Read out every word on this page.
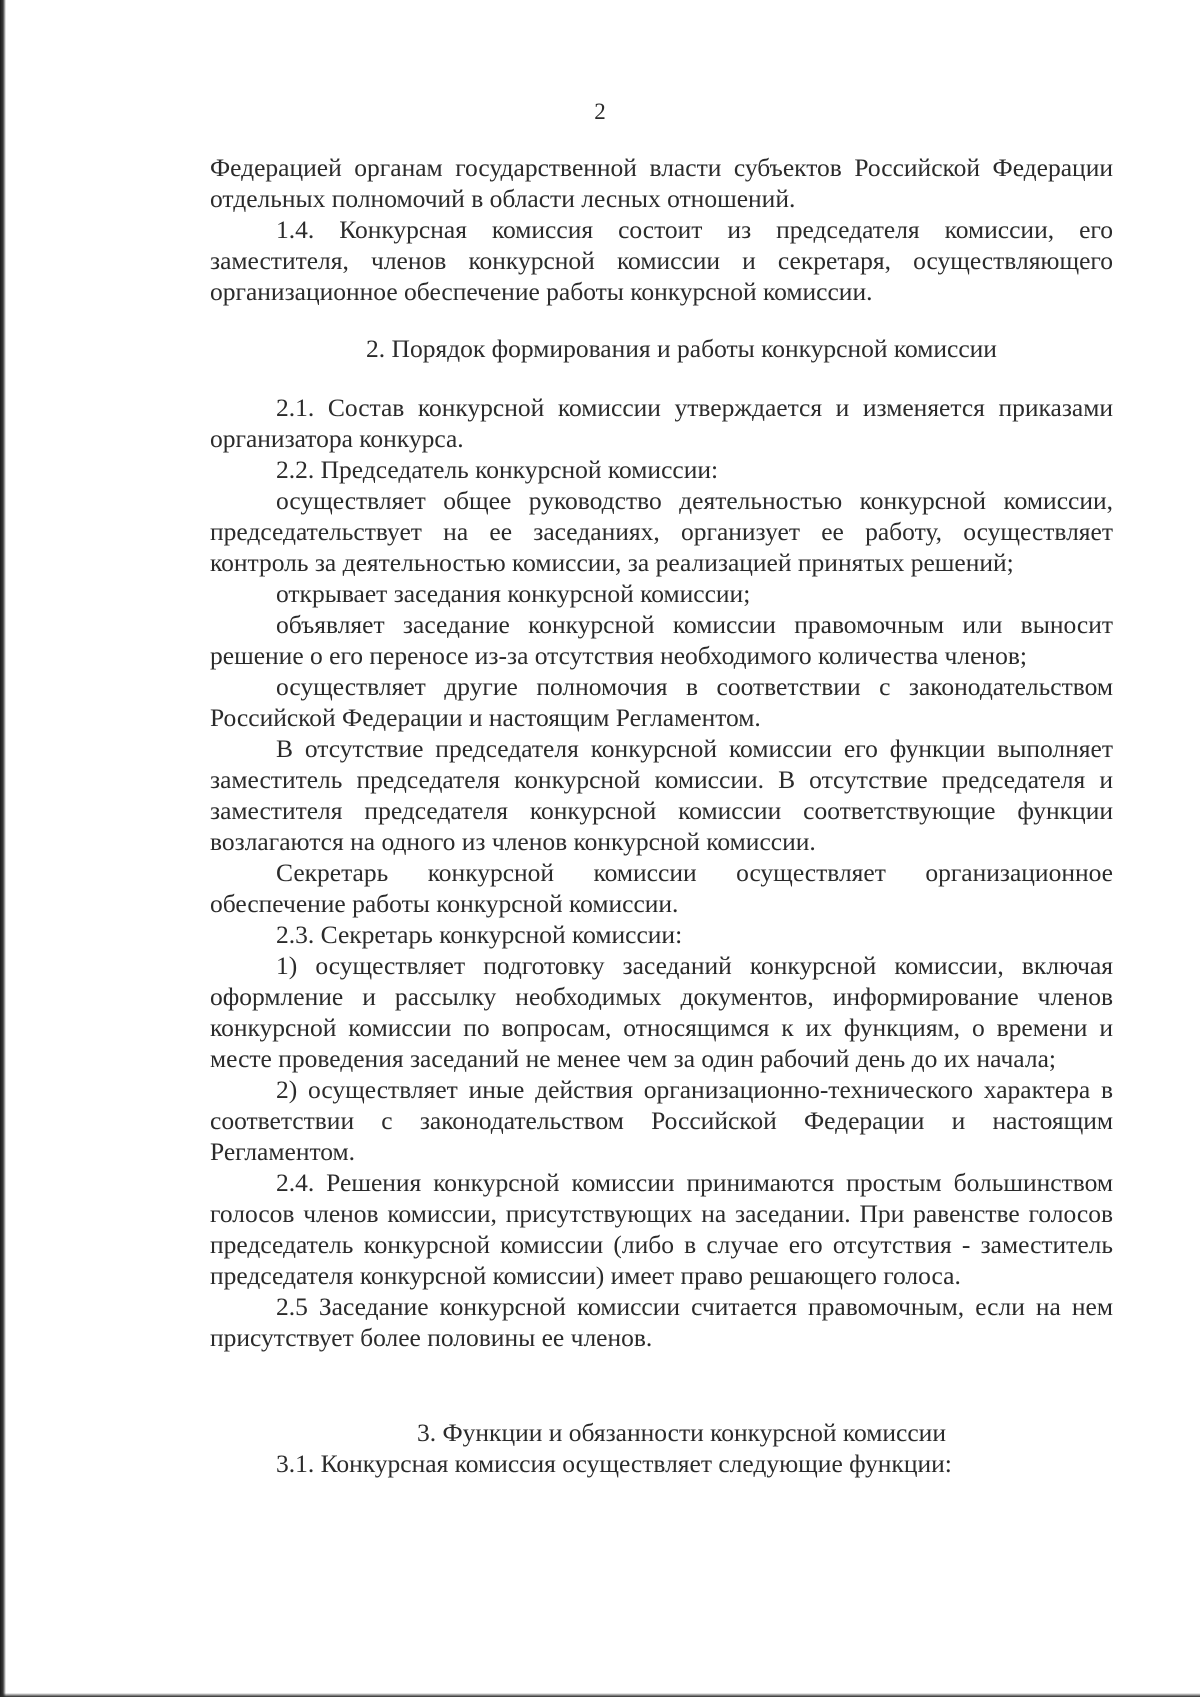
2

Федерацией органам государственной власти субъектов Российской Федерации отдельных полномочий в области лесных отношений.

1.4. Конкурсная комиссия состоит из председателя комиссии, его заместителя, членов конкурсной комиссии и секретаря, осуществляющего организационное обеспечение работы конкурсной комиссии.

2. Порядок формирования и работы конкурсной комиссии

2.1. Состав конкурсной комиссии утверждается и изменяется приказами организатора конкурса.

2.2. Председатель конкурсной комиссии:

осуществляет общее руководство деятельностью конкурсной комиссии, председательствует на ее заседаниях, организует ее работу, осуществляет контроль за деятельностью комиссии, за реализацией принятых решений;

открывает заседания конкурсной комиссии;

объявляет заседание конкурсной комиссии правомочным или выносит решение о его переносе из-за отсутствия необходимого количества членов;

осуществляет другие полномочия в соответствии с законодательством Российской Федерации и настоящим Регламентом.

В отсутствие председателя конкурсной комиссии его функции выполняет заместитель председателя конкурсной комиссии. В отсутствие председателя и заместителя председателя конкурсной комиссии соответствующие функции возлагаются на одного из членов конкурсной комиссии.

Секретарь конкурсной комиссии осуществляет организационное обеспечение работы конкурсной комиссии.

2.3. Секретарь конкурсной комиссии:

1) осуществляет подготовку заседаний конкурсной комиссии, включая оформление и рассылку необходимых документов, информирование членов конкурсной комиссии по вопросам, относящимся к их функциям, о времени и месте проведения заседаний не менее чем за один рабочий день до их начала;

2) осуществляет иные действия организационно-технического характера в соответствии с законодательством Российской Федерации и настоящим Регламентом.

2.4. Решения конкурсной комиссии принимаются простым большинством голосов членов комиссии, присутствующих на заседании. При равенстве голосов председатель конкурсной комиссии (либо в случае его отсутствия - заместитель председателя конкурсной комиссии) имеет право решающего голоса.

2.5 Заседание конкурсной комиссии считается правомочным, если на нем присутствует более половины ее членов.

3. Функции и обязанности конкурсной комиссии

3.1. Конкурсная комиссия осуществляет следующие функции:
